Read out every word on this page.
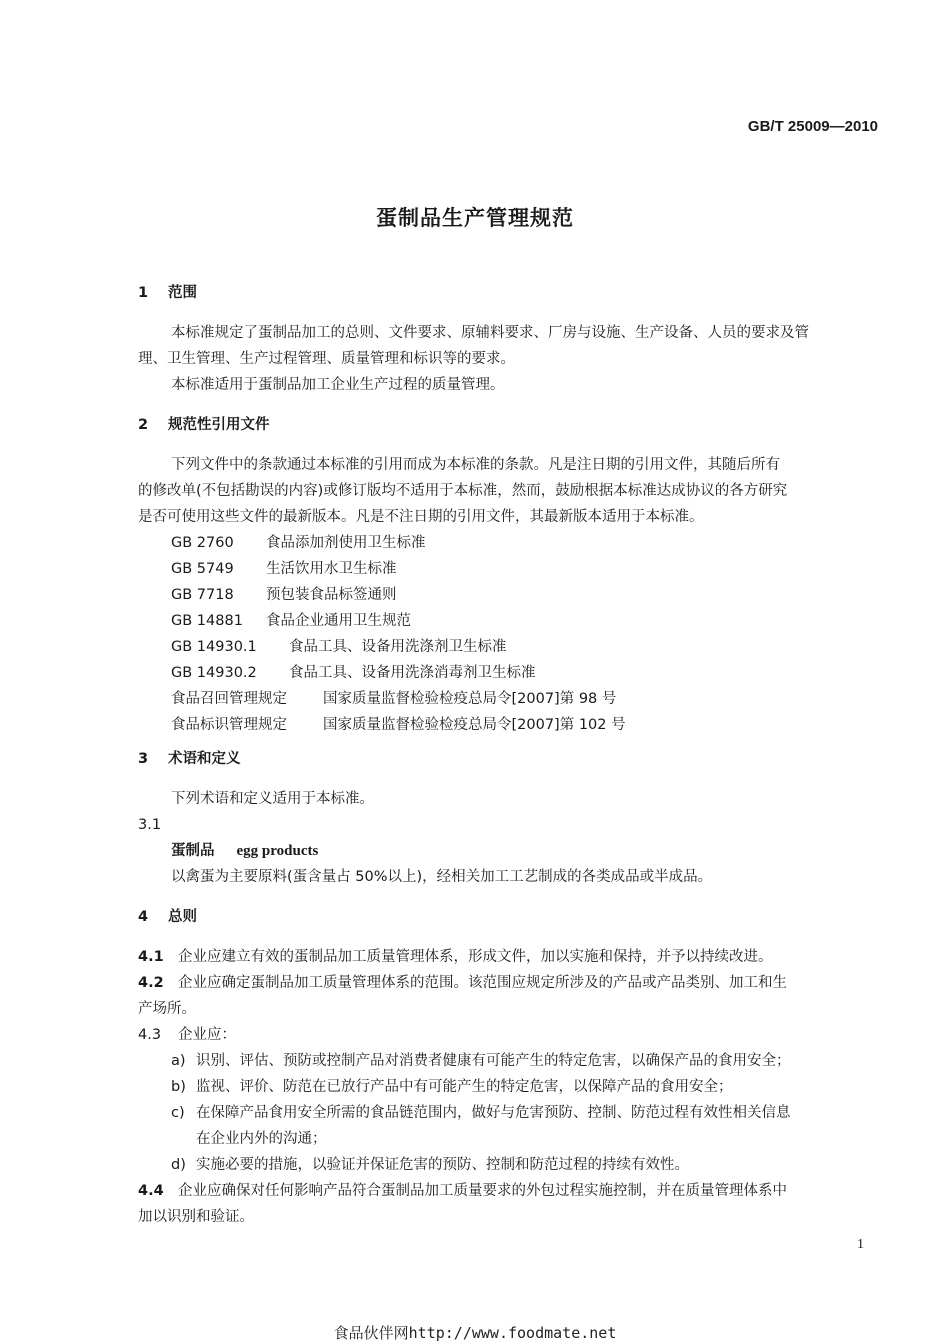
GB/T 25009—2010
蛋制品生产管理规范
1 范围
本标准规定了蛋制品加工的总则、文件要求、原辅料要求、厂房与设施、生产设备、人员的要求及管
理、卫生管理、生产过程管理、质量管理和标识等的要求。
本标准适用于蛋制品加工企业生产过程的质量管理。
2 规范性引用文件
下列文件中的条款通过本标准的引用而成为本标准的条款。凡是注日期的引用文件，其随后所有
的修改单(不包括勘误的内容)或修订版均不适用于本标准，然而，鼓励根据本标准达成协议的各方研究
是否可使用这些文件的最新版本。凡是不注日期的引用文件，其最新版本适用于本标准。
GB 2760 食品添加剂使用卫生标准
GB 5749 生活饮用水卫生标准
GB 7718 预包装食品标签通则
GB 14881 食品企业通用卫生规范
GB 14930.1 食品工具、设备用洗涤剂卫生标准
GB 14930.2 食品工具、设备用洗涤消毒剂卫生标准
食品召回管理规定 国家质量监督检验检疫总局令[2007]第 98 号
食品标识管理规定 国家质量监督检验检疫总局令[2007]第 102 号
3 术语和定义
下列术语和定义适用于本标准。
3.1
蛋制品 egg products
以禽蛋为主要原料(蛋含量占 50%以上)，经相关加工工艺制成的各类成品或半成品。
4 总则
4.1 企业应建立有效的蛋制品加工质量管理体系，形成文件，加以实施和保持，并予以持续改进。
4.2 企业应确定蛋制品加工质量管理体系的范围。该范围应规定所涉及的产品或产品类别、加工和生
产场所。
4.3 企业应：
a) 识别、评估、预防或控制产品对消费者健康有可能产生的特定危害，以确保产品的食用安全；
b) 监视、评价、防范在已放行产品中有可能产生的特定危害，以保障产品的食用安全；
c) 在保障产品食用安全所需的食品链范围内，做好与危害预防、控制、防范过程有效性相关信息
在企业内外的沟通；
d) 实施必要的措施，以验证并保证危害的预防、控制和防范过程的持续有效性。
4.4 企业应确保对任何影响产品符合蛋制品加工质量要求的外包过程实施控制，并在质量管理体系中
加以识别和验证。
1
食品伙伴网http://www.foodmate.net
